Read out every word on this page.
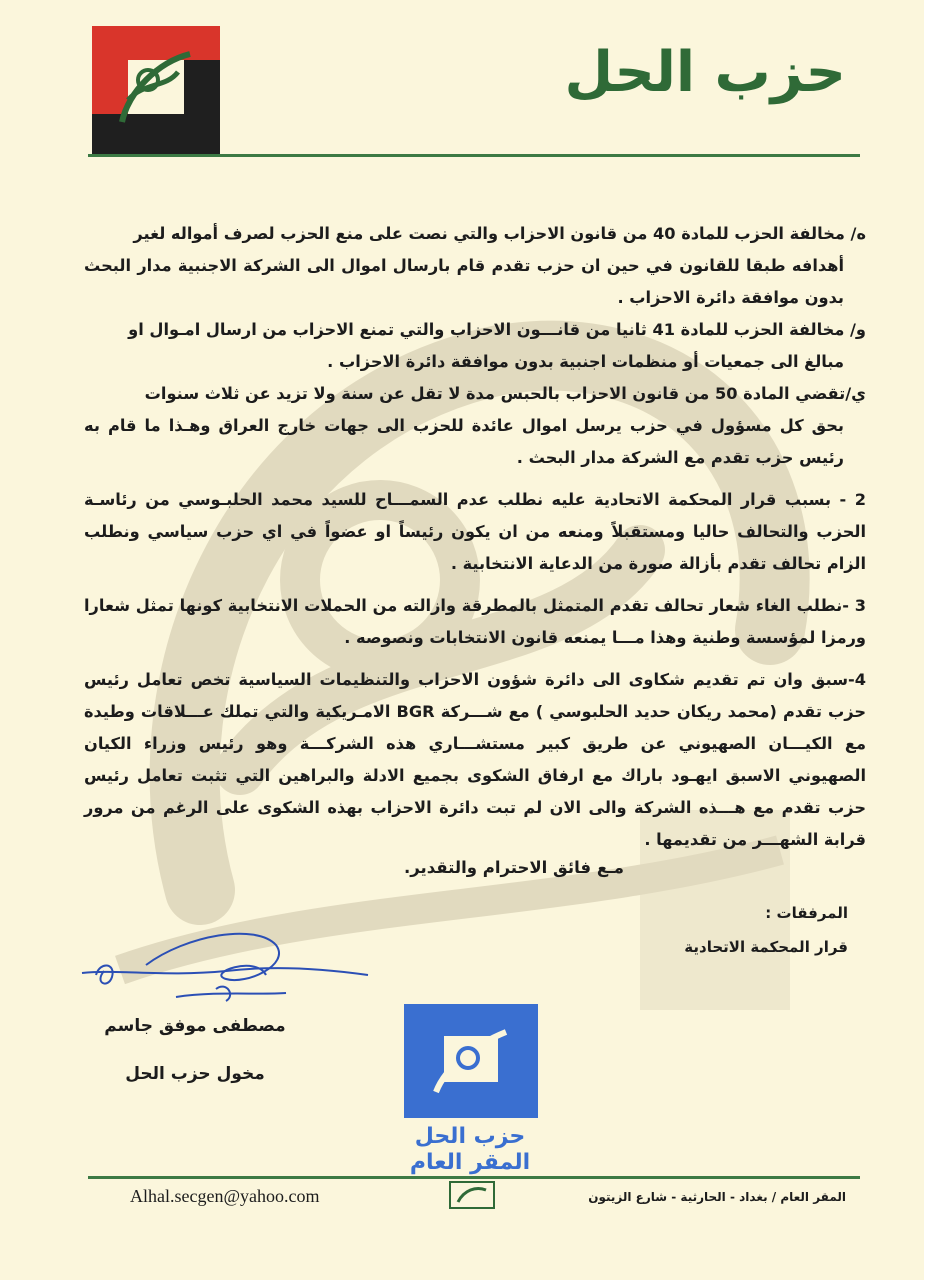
حزب الحل

ه/ مخالفة الحزب للمادة 40 من قانون الاحزاب والتي نصت على منع الحزب لصرف أمواله لغير

أهدافه طبقا للقانون في حين ان حزب تقدم قام بارسال اموال الى الشركة الاجنبية مدار البحث بدون موافقة دائرة الاحزاب .

و/ مخالفة الحزب للمادة 41 ثانيا من قانـــون الاحزاب والتي تمنع الاحزاب من ارسال امـوال او

مبالغ الى جمعيات أو منظمات اجنبية بدون موافقة دائرة الاحزاب .

ي/تقضي المادة 50 من قانون الاحزاب بالحبس مدة لا تقل عن سنة ولا تزيد عن ثلاث سنوات

بحق كل مسؤول في حزب يرسل اموال عائدة للحزب الى جهات خارج العراق وهـذا ما قام به رئيس حزب تقدم مع الشركة مدار البحث .

2 - بسبب قرار المحكمة الاتحادية عليه نطلب عدم السمـــاح للسيد محمد الحلبـوسي من رئاسـة الحزب والتحالف حاليا ومستقبلاً ومنعه من ان يكون رئيساً او عضواً في اي حزب سياسي ونطلب الزام تحالف تقدم بأزالة صورة من الدعاية الانتخابية .

3 -نطلب الغاء شعار تحالف تقدم المتمثل بالمطرقة وازالته من الحملات الانتخابية كونها تمثل شعارا ورمزا لمؤسسة وطنية وهذا مـــا يمنعه قانون الانتخابات ونصوصه .

4-سبق وان تم تقديم شكاوى الى دائرة شؤون الاحزاب والتنظيمات السياسية تخص تعامل رئيس حزب تقدم (محمد ريكان حديد الحلبوسي ) مع شـــركة BGR الامـريكية والتي تملك عـــلاقات وطيدة مع الكيـــان الصهيوني عن طريق كبير مستشـــاري هذه الشركـــة وهو رئيس وزراء الكيان الصهيوني الاسبق ايهـود باراك مع ارفاق الشكوى بجميع الادلة والبراهين التي تثبت تعامل رئيس حزب تقدم مع هـــذه الشركة والى الان لم تبت دائرة الاحزاب بهذه الشكوى على الرغم من مرور قرابة الشهـــر من تقديمها .

مـع فائق الاحترام والتقدير.
المرفقات :
قرار المحكمة الاتحادية
مصطفى موفق جاسم
مخول حزب الحل
حزب الحل
المقر العام
Alhal.secgen@yahoo.com	المقر العام / بغداد - الحارثية - شارع الزيتون
